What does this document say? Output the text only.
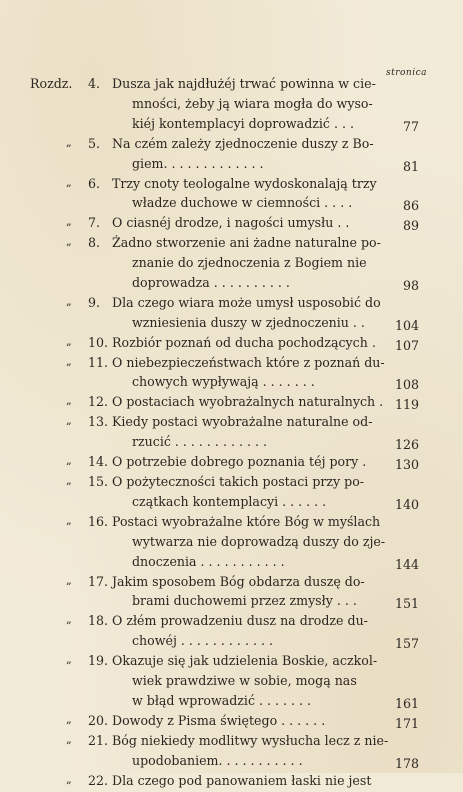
stronica
Rozdz. 4. Dusza jak najdłużéj trwać powinna w cie-
mności, żeby ją wiara mogła do wyso-
kiéj kontemplacyi doprowadzić . . .	77
„ 5. Na czém zależy zjednoczenie duszy z Bo-
giem. . . . . . . . . . . . .	81
„ 6. Trzy cnoty teologalne wydoskonalają trzy
władze duchowe w ciemności . . . .	86
„ 7. O ciasnéj drodze, i nagości umysłu . .	89
„ 8. Żadno stworzenie ani żadne naturalne po-
znanie do zjednoczenia z Bogiem nie
doprowadza . . . . . . . . . .	98
„ 9. Dla czego wiara może umysł usposobić do
wzniesienia duszy w zjednoczeniu . . 104
„ 10. Rozbiór poznań od ducha pochodzących . 107
„ 11. O niebezpieczeństwach które z poznań du-
chowych wypływają . . . . . . .	108
„ 12. O postaciach wyobrażalnych naturalnych . 119
„ 13. Kiedy postaci wyobrażalne naturalne od-
rzucić . . . . . . . . . . . .	126
„ 14. O potrzebie dobrego poznania téj pory . 130
„ 15. O pożyteczności takich postaci przy po-
czątkach kontemplacyi . . . . . .	140
„ 16. Postaci wyobrażalne które Bóg w myślach
wytwarza nie doprowadzą duszy do zje-
dnoczenia . . . . . . . . . . .	144
„ 17. Jakim sposobem Bóg obdarza duszę do-
brami duchowemi przez zmysły . . .	151
„ 18. O złém prowadzeniu dusz na drodze du-
chowéj . . . . . . . . . . . .	157
„ 19. Okazuje się jak udzielenia Boskie, aczkol-
wiek prawdziwe w sobie, mogą nas
w błąd wprowadzić . . . . . . .	161
„ 20. Dowody z Pisma świętego . . . . . .	171
„ 21. Bóg niekiedy modlitwy wysłucha lecz z nie-
upodobaniem. . . . . . . . . . .	178
„ 22. Dla czego pod panowaniem łaski nie jest
